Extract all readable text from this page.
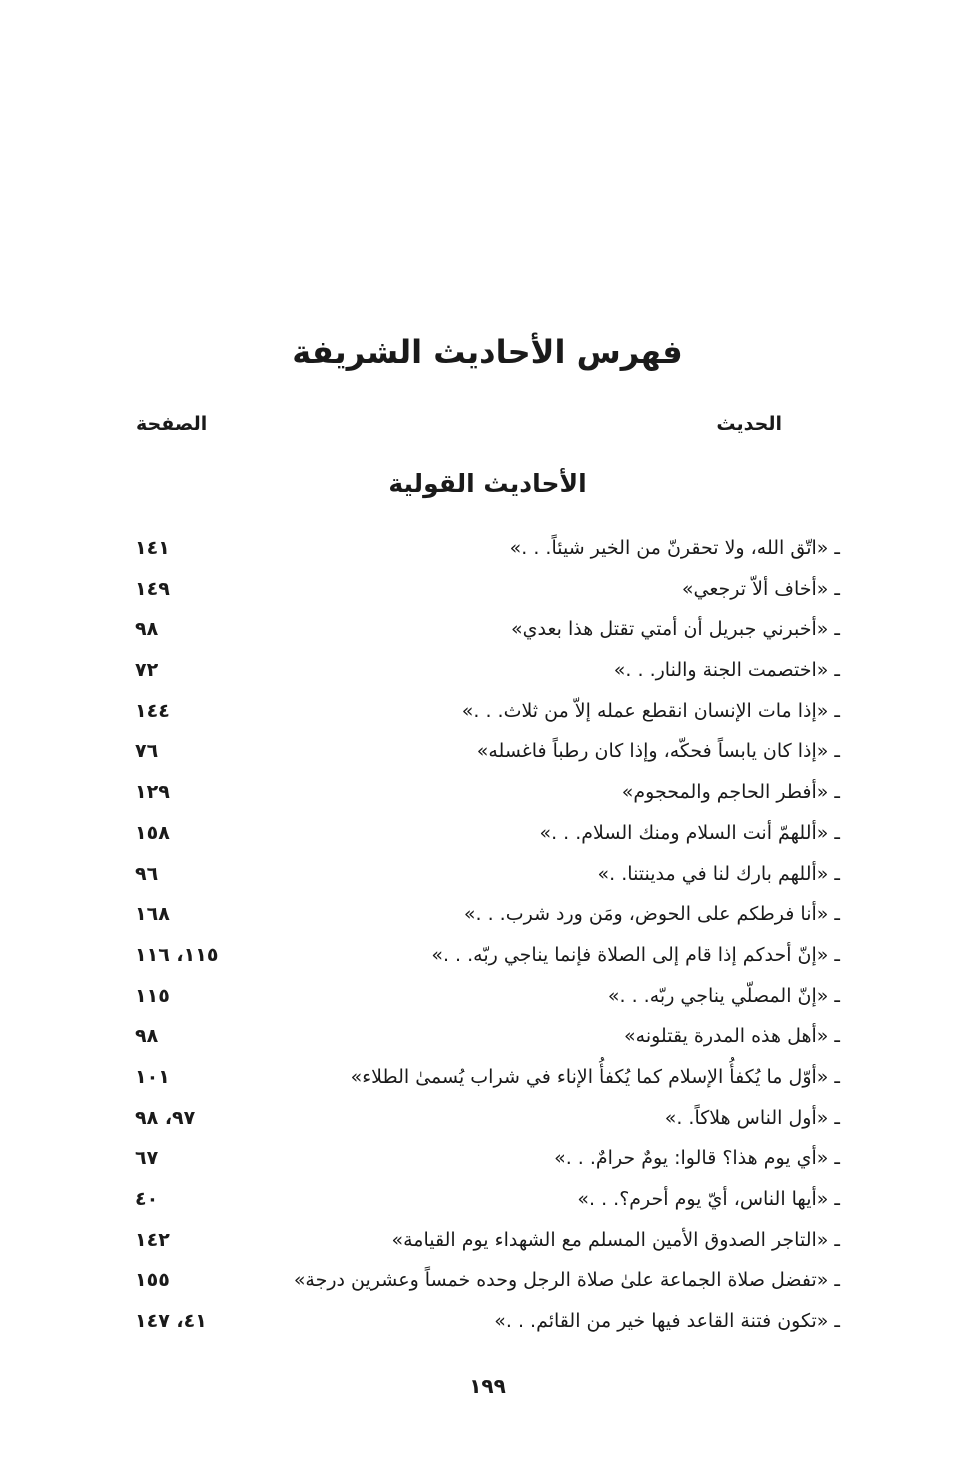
فهرس الأحاديث الشريفة
الحديث
الصفحة
الأحاديث القولية
ـ «اتّق الله، ولا تحقرنّ من الخير شيئاً. . .»
١٤١
ـ «أخاف ألاّ ترجعي»
١٤٩
ـ «أخبرني جبريل أن أمتي تقتل هذا بعدي»
٩٨
ـ «اختصمت الجنة والنار. . .»
٧٢
ـ «إذا مات الإنسان انقطع عمله إلاّ من ثلاث. . .»
١٤٤
ـ «إذا كان يابساً فحكّه، وإذا كان رطباً فاغسله»
٧٦
ـ «أفطر الحاجم والمحجوم»
١٢٩
ـ «أللهمّ أنت السلام ومنك السلام. . .»
١٥٨
ـ «أللهم بارك لنا في مدينتنا. .»
٩٦
ـ «أنا فرطكم على الحوض، ومَن ورد شرب. . .»
١٦٨
ـ «إنّ أحدكم إذا قام إلى الصلاة فإنما يناجي ربّه. . .»
١١٥، ١١٦
ـ «إنّ المصلّي يناجي ربّه. . .»
١١٥
ـ «أهل هذه المدرة يقتلونه»
٩٨
ـ «أوّل ما يُكفأُ الإسلام كما يُكفأُ الإناء في شراب يُسمىٰ الطلاء»
١٠١
ـ «أول الناس هلاكاً. .»
٩٧، ٩٨
ـ «أي يوم هذا؟ قالوا: يومٌ حرامٌ. . .»
٦٧
ـ «أيها الناس، أيّ يوم أحرم؟. . .»
٤٠
ـ «التاجر الصدوق الأمين المسلم مع الشهداء يوم القيامة»
١٤٢
ـ «تفضل صلاة الجماعة علىٰ صلاة الرجل وحده خمساً وعشرين درجة»
١٥٥
ـ «تكون فتنة القاعد فيها خير من القائم. . .»
٤١، ١٤٧
١٩٩
